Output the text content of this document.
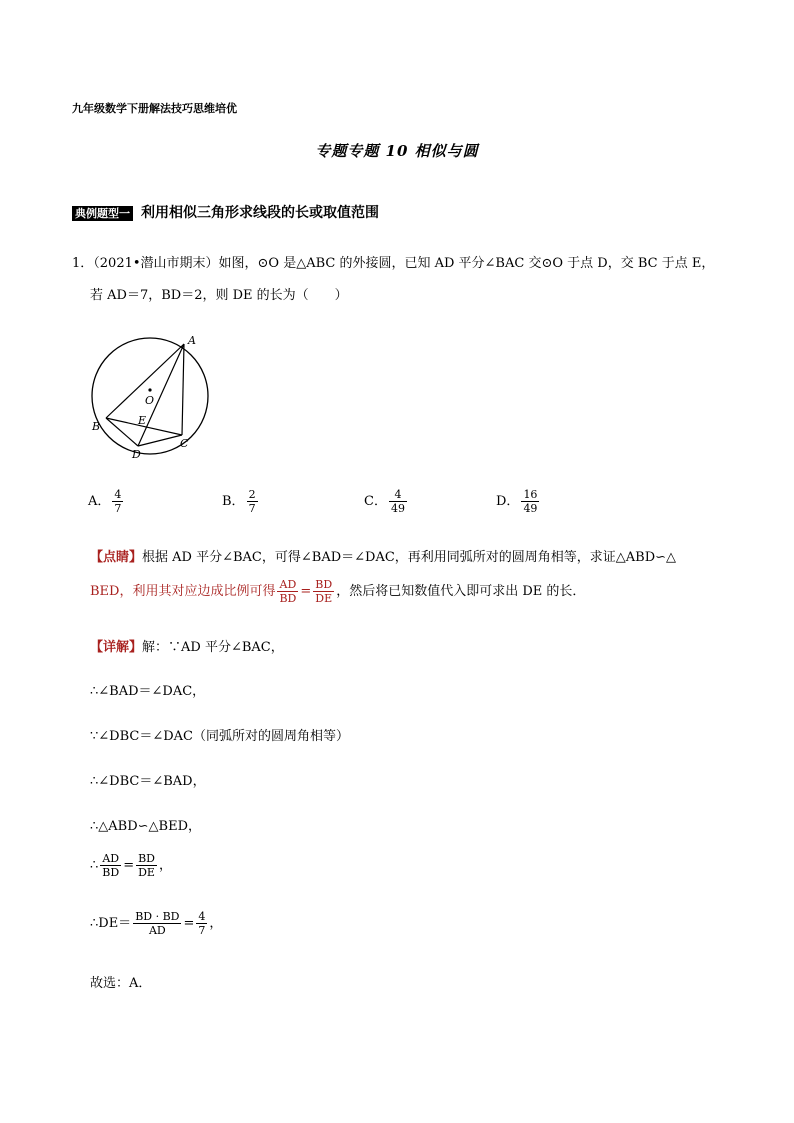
九年级数学下册解法技巧思维培优
专题专题 10 相似与圆
典例题型一 利用相似三角形求线段的长或取值范围
1．（2021•潜山市期末）如图，⊙O 是△ABC 的外接圆，已知 AD 平分∠BAC 交⊙O 于点 D，交 BC 于点 E，
若 AD＝7，BD＝2，则 DE 的长为（　　）
A
B
C
D
E
O
A． $\frac{4}{7}$	B． $\frac{2}{7}$	C． $\frac{4}{49}$	D． $\frac{16}{49}$
【点睛】根据 AD 平分∠BAC，可得∠BAD＝∠DAC，再利用同弧所对的圆周角相等，求证△ABD∽△
BED，利用其对应边成比例可得 $\frac{AD}{BD} = \frac{BD}{DE}$ ，然后将已知数值代入即可求出 DE 的长．
【详解】解：∵AD 平分∠BAC，
∴∠BAD＝∠DAC，
∵∠DBC＝∠DAC（同弧所对的圆周角相等）
∴∠DBC＝∠BAD，
∴△ABD∽△BED，
∴ $\frac{AD}{BD} = \frac{BD}{DE}$ ，
∴DE＝ $\frac{BD \cdot BD}{AD} = \frac{4}{7}$ ，
故选：A．
